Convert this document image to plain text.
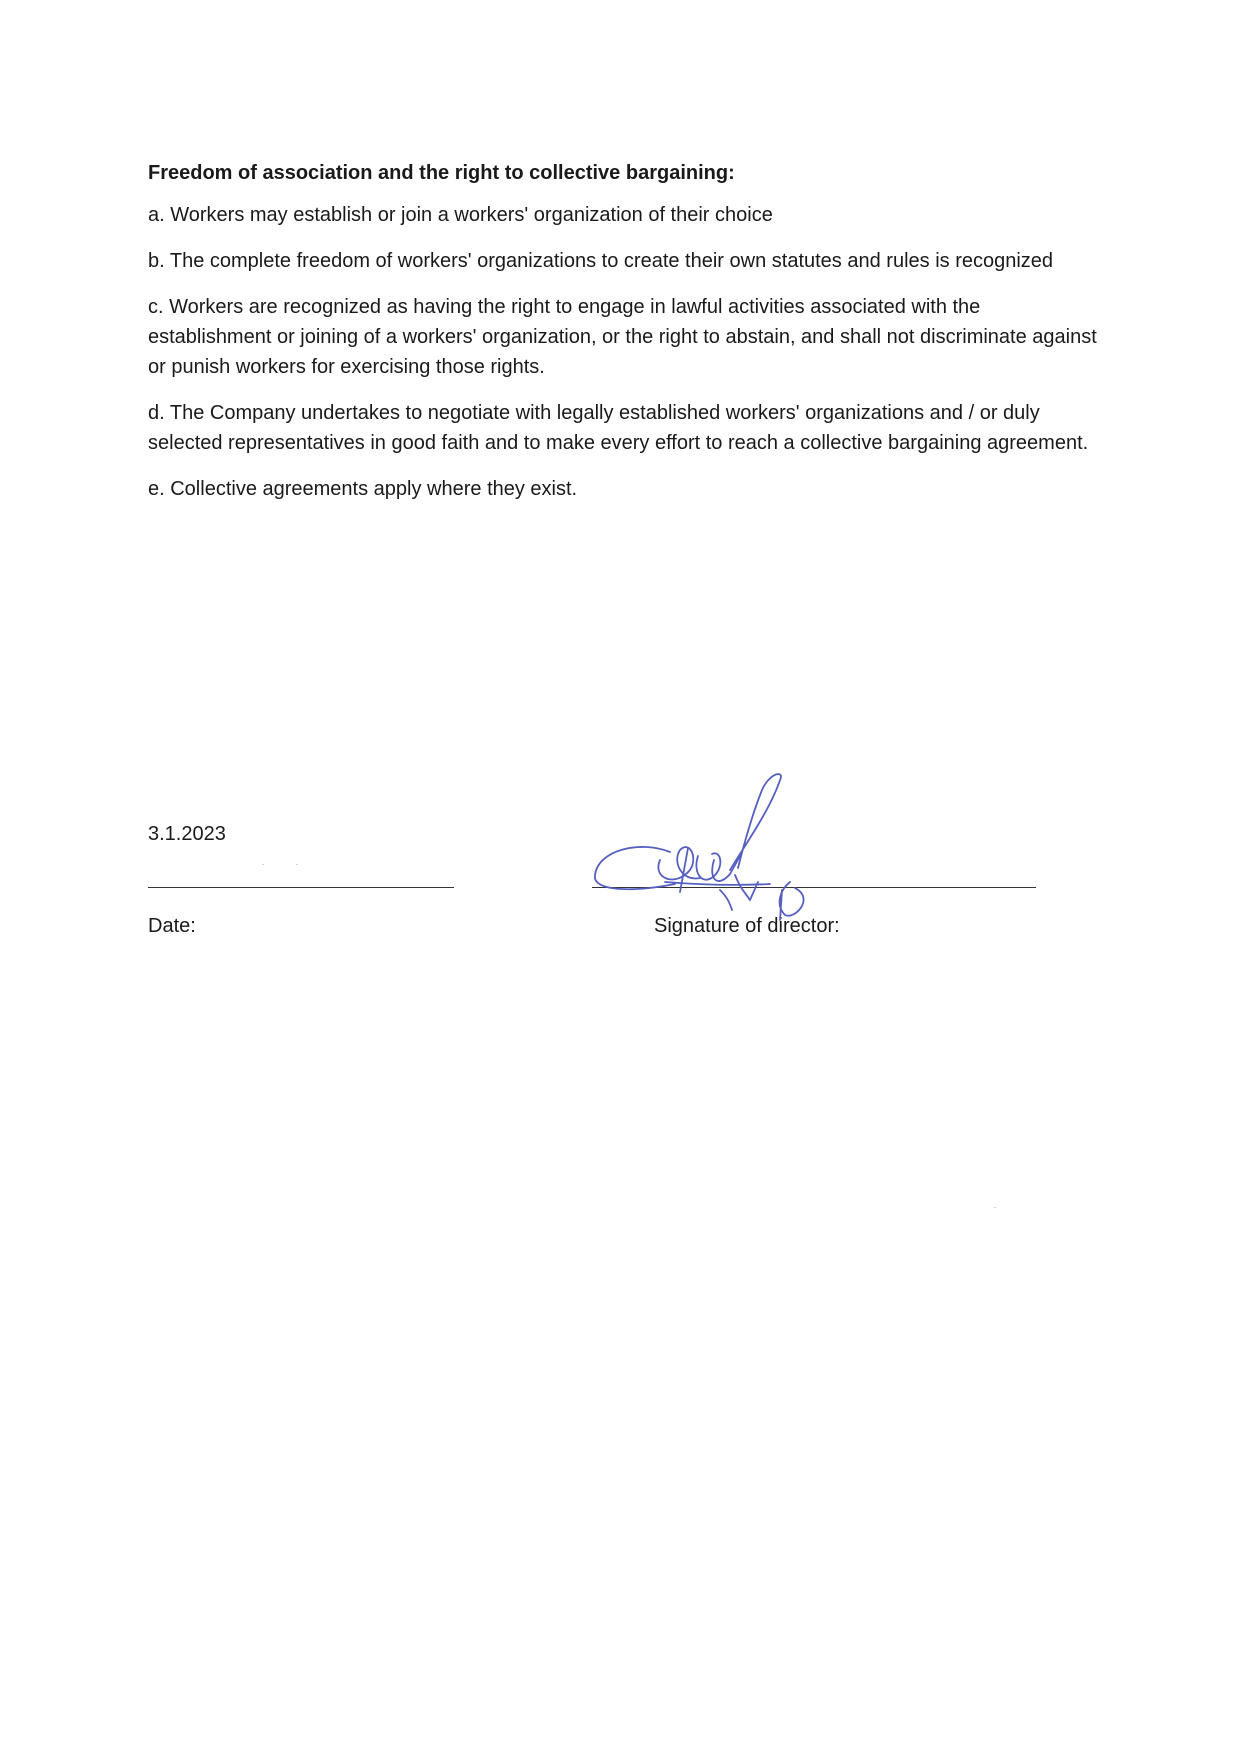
Freedom of association and the right to collective bargaining:

a. Workers may establish or join a workers' organization of their choice

b. The complete freedom of workers' organizations to create their own statutes and rules is recognized

c. Workers are recognized as having the right to engage in lawful activities associated with the establishment or joining of a workers' organization, or the right to abstain, and shall not discriminate against or punish workers for exercising those rights.

d. The Company undertakes to negotiate with legally established workers' organizations and / or duly selected representatives in good faith and to make every effort to reach a collective bargaining agreement.

e. Collective agreements apply where they exist.

3.1.2023
Date:	Signature of director:
